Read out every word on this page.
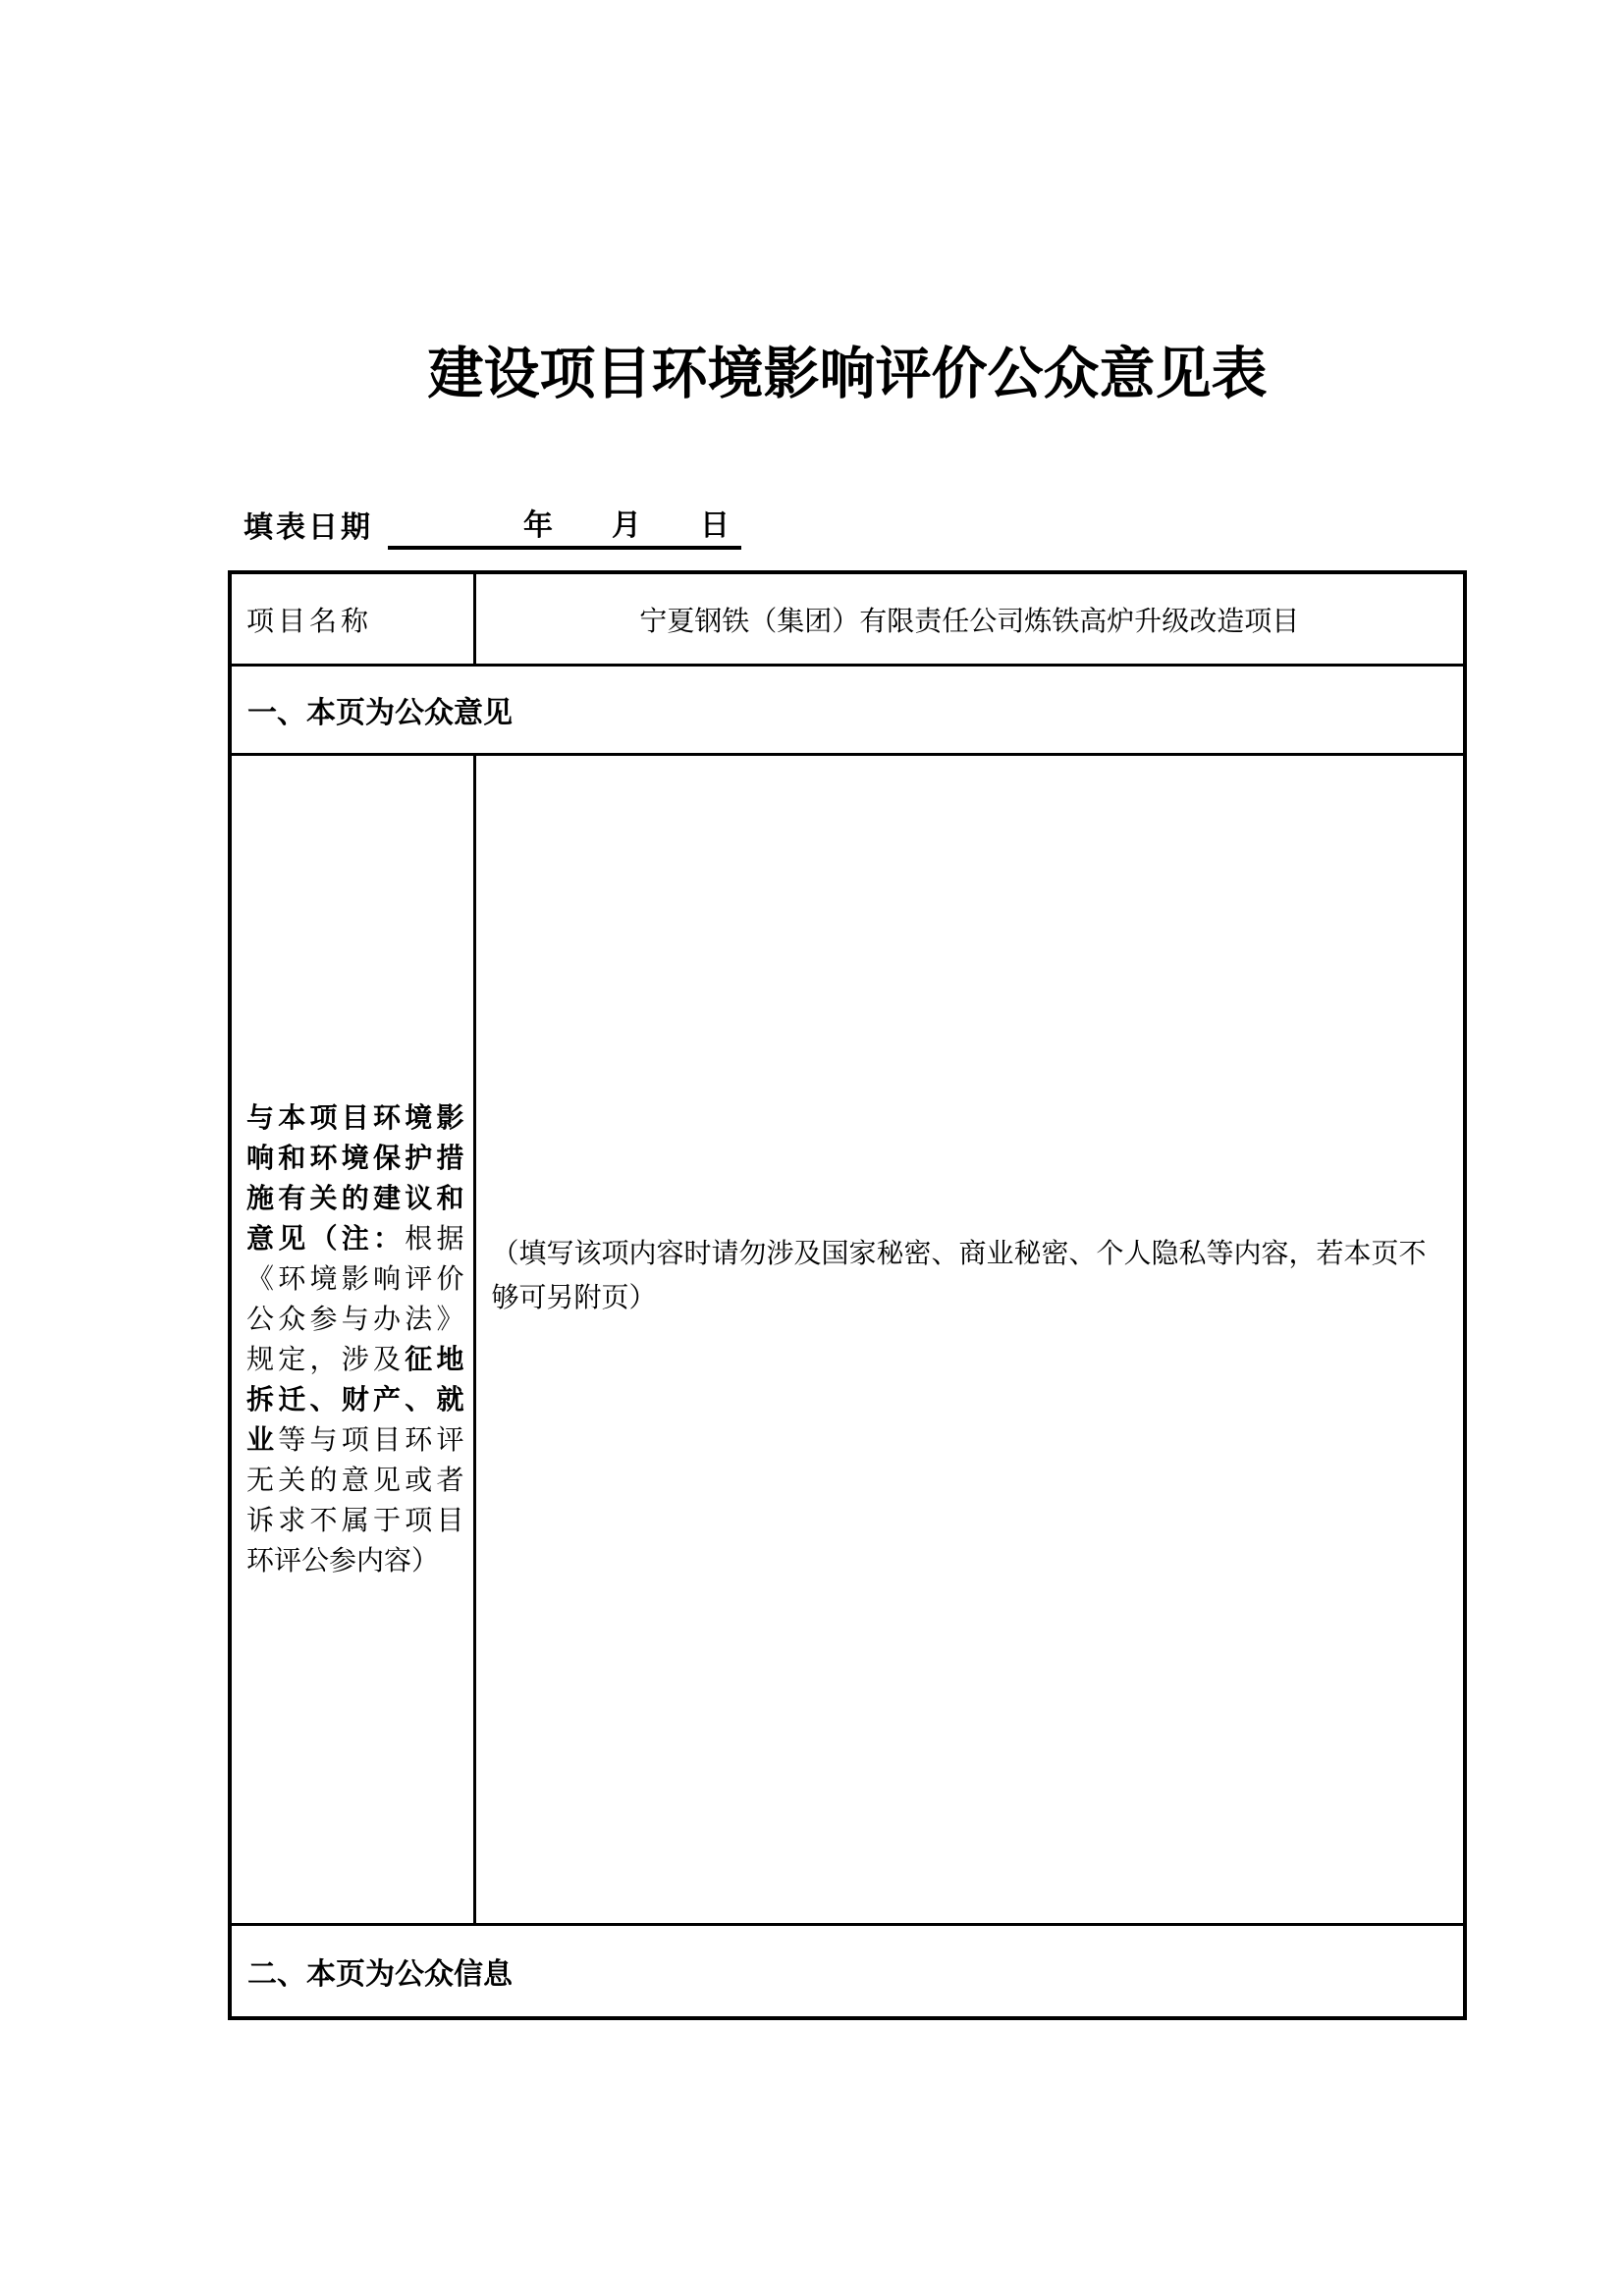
建设项目环境影响评价公众意见表
填表日期	年　　月　　日
项目名称	宁夏钢铁（集团）有限责任公司炼铁高炉升级改造项目
一、本页为公众意见	
与本项目环境影响和环境保护措施有关的建议和意见（注：根据《环境影响评价公众参与办法》规定，涉及征地拆迁、财产、就业等与项目环评无关的意见或者诉求不属于项目环评公参内容）	（填写该项内容时请勿涉及国家秘密、商业秘密、个人隐私等内容，若本页不够可另附页）

二、本页为公众信息	
